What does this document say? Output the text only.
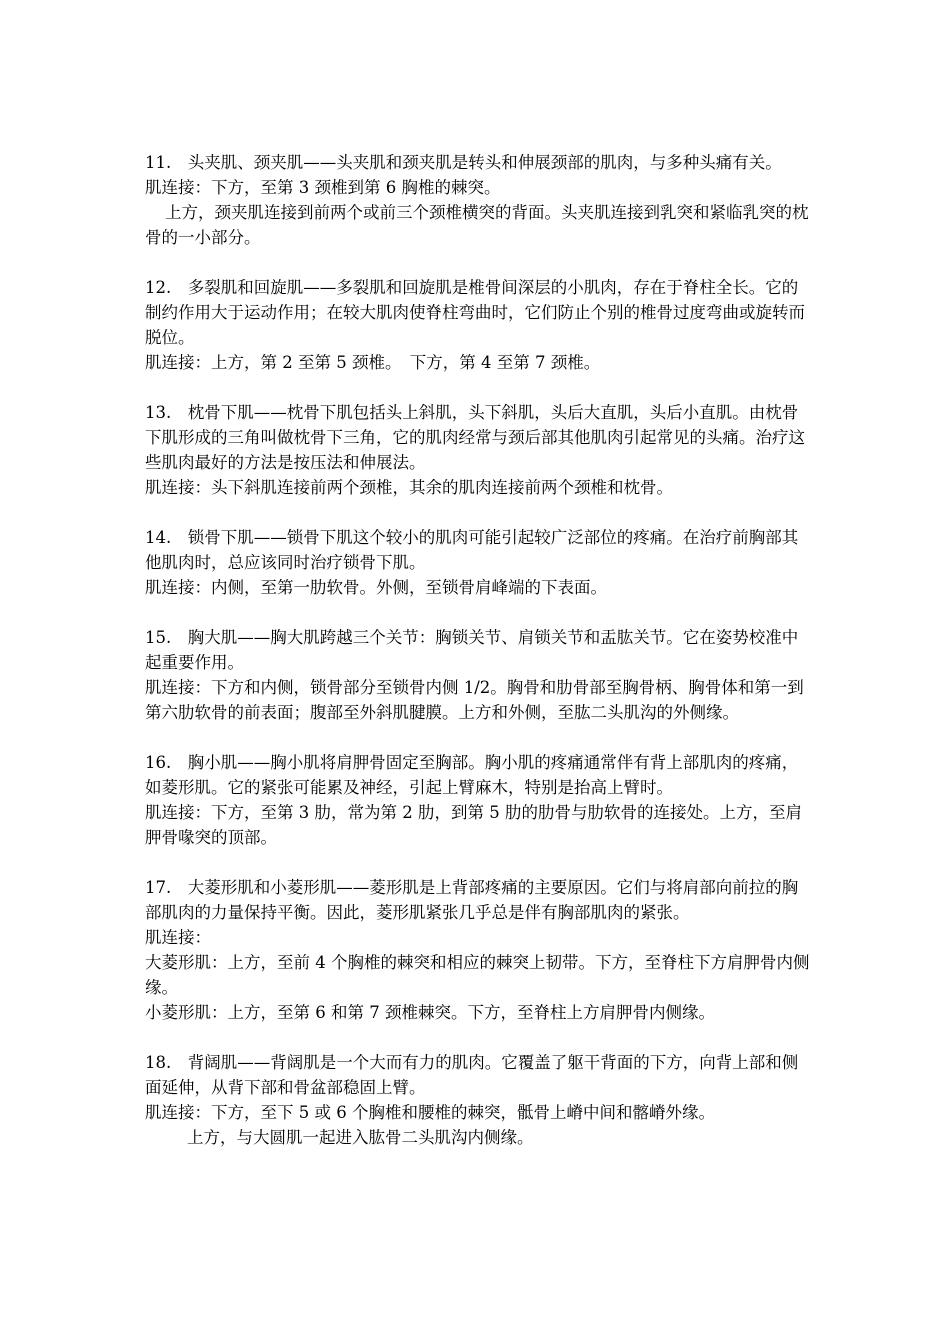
11.　头夹肌、颈夹肌——头夹肌和颈夹肌是转头和伸展颈部的肌肉，与多种头痛有关。

肌连接：下方，至第 3 颈椎到第 6 胸椎的棘突。

上方，颈夹肌连接到前两个或前三个颈椎横突的背面。头夹肌连接到乳突和紧临乳突的枕骨的一小部分。

12.　多裂肌和回旋肌——多裂肌和回旋肌是椎骨间深层的小肌肉，存在于脊柱全长。它的制约作用大于运动作用；在较大肌肉使脊柱弯曲时，它们防止个别的椎骨过度弯曲或旋转而脱位。

肌连接：上方，第 2 至第 5 颈椎。　下方，第 4 至第 7 颈椎。

13.　枕骨下肌——枕骨下肌包括头上斜肌，头下斜肌，头后大直肌，头后小直肌。由枕骨下肌形成的三角叫做枕骨下三角，它的肌肉经常与颈后部其他肌肉引起常见的头痛。治疗这些肌肉最好的方法是按压法和伸展法。

肌连接：头下斜肌连接前两个颈椎，其余的肌肉连接前两个颈椎和枕骨。

14.　锁骨下肌——锁骨下肌这个较小的肌肉可能引起较广泛部位的疼痛。在治疗前胸部其他肌肉时，总应该同时治疗锁骨下肌。

肌连接：内侧，至第一肋软骨。外侧，至锁骨肩峰端的下表面。

15.　胸大肌——胸大肌跨越三个关节：胸锁关节、肩锁关节和盂肱关节。它在姿势校准中起重要作用。

肌连接：下方和内侧，锁骨部分至锁骨内侧 1/2。胸骨和肋骨部至胸骨柄、胸骨体和第一到第六肋软骨的前表面；腹部至外斜肌腱膜。上方和外侧，至肱二头肌沟的外侧缘。

16.　胸小肌——胸小肌将肩胛骨固定至胸部。胸小肌的疼痛通常伴有背上部肌肉的疼痛，如菱形肌。它的紧张可能累及神经，引起上臂麻木，特别是抬高上臂时。

肌连接：下方，至第 3 肋，常为第 2 肋，到第 5 肋的肋骨与肋软骨的连接处。上方，至肩胛骨喙突的顶部。

17.　大菱形肌和小菱形肌——菱形肌是上背部疼痛的主要原因。它们与将肩部向前拉的胸部肌肉的力量保持平衡。因此，菱形肌紧张几乎总是伴有胸部肌肉的紧张。

肌连接：

大菱形肌：上方，至前 4 个胸椎的棘突和相应的棘突上韧带。下方，至脊柱下方肩胛骨内侧缘。

小菱形肌：上方，至第 6 和第 7 颈椎棘突。下方，至脊柱上方肩胛骨内侧缘。

18.　背阔肌——背阔肌是一个大而有力的肌肉。它覆盖了躯干背面的下方，向背上部和侧面延伸，从背下部和骨盆部稳固上臂。

肌连接：下方，至下 5 或 6 个胸椎和腰椎的棘突，骶骨上嵴中间和髂嵴外缘。

上方，与大圆肌一起进入肱骨二头肌沟内侧缘。
